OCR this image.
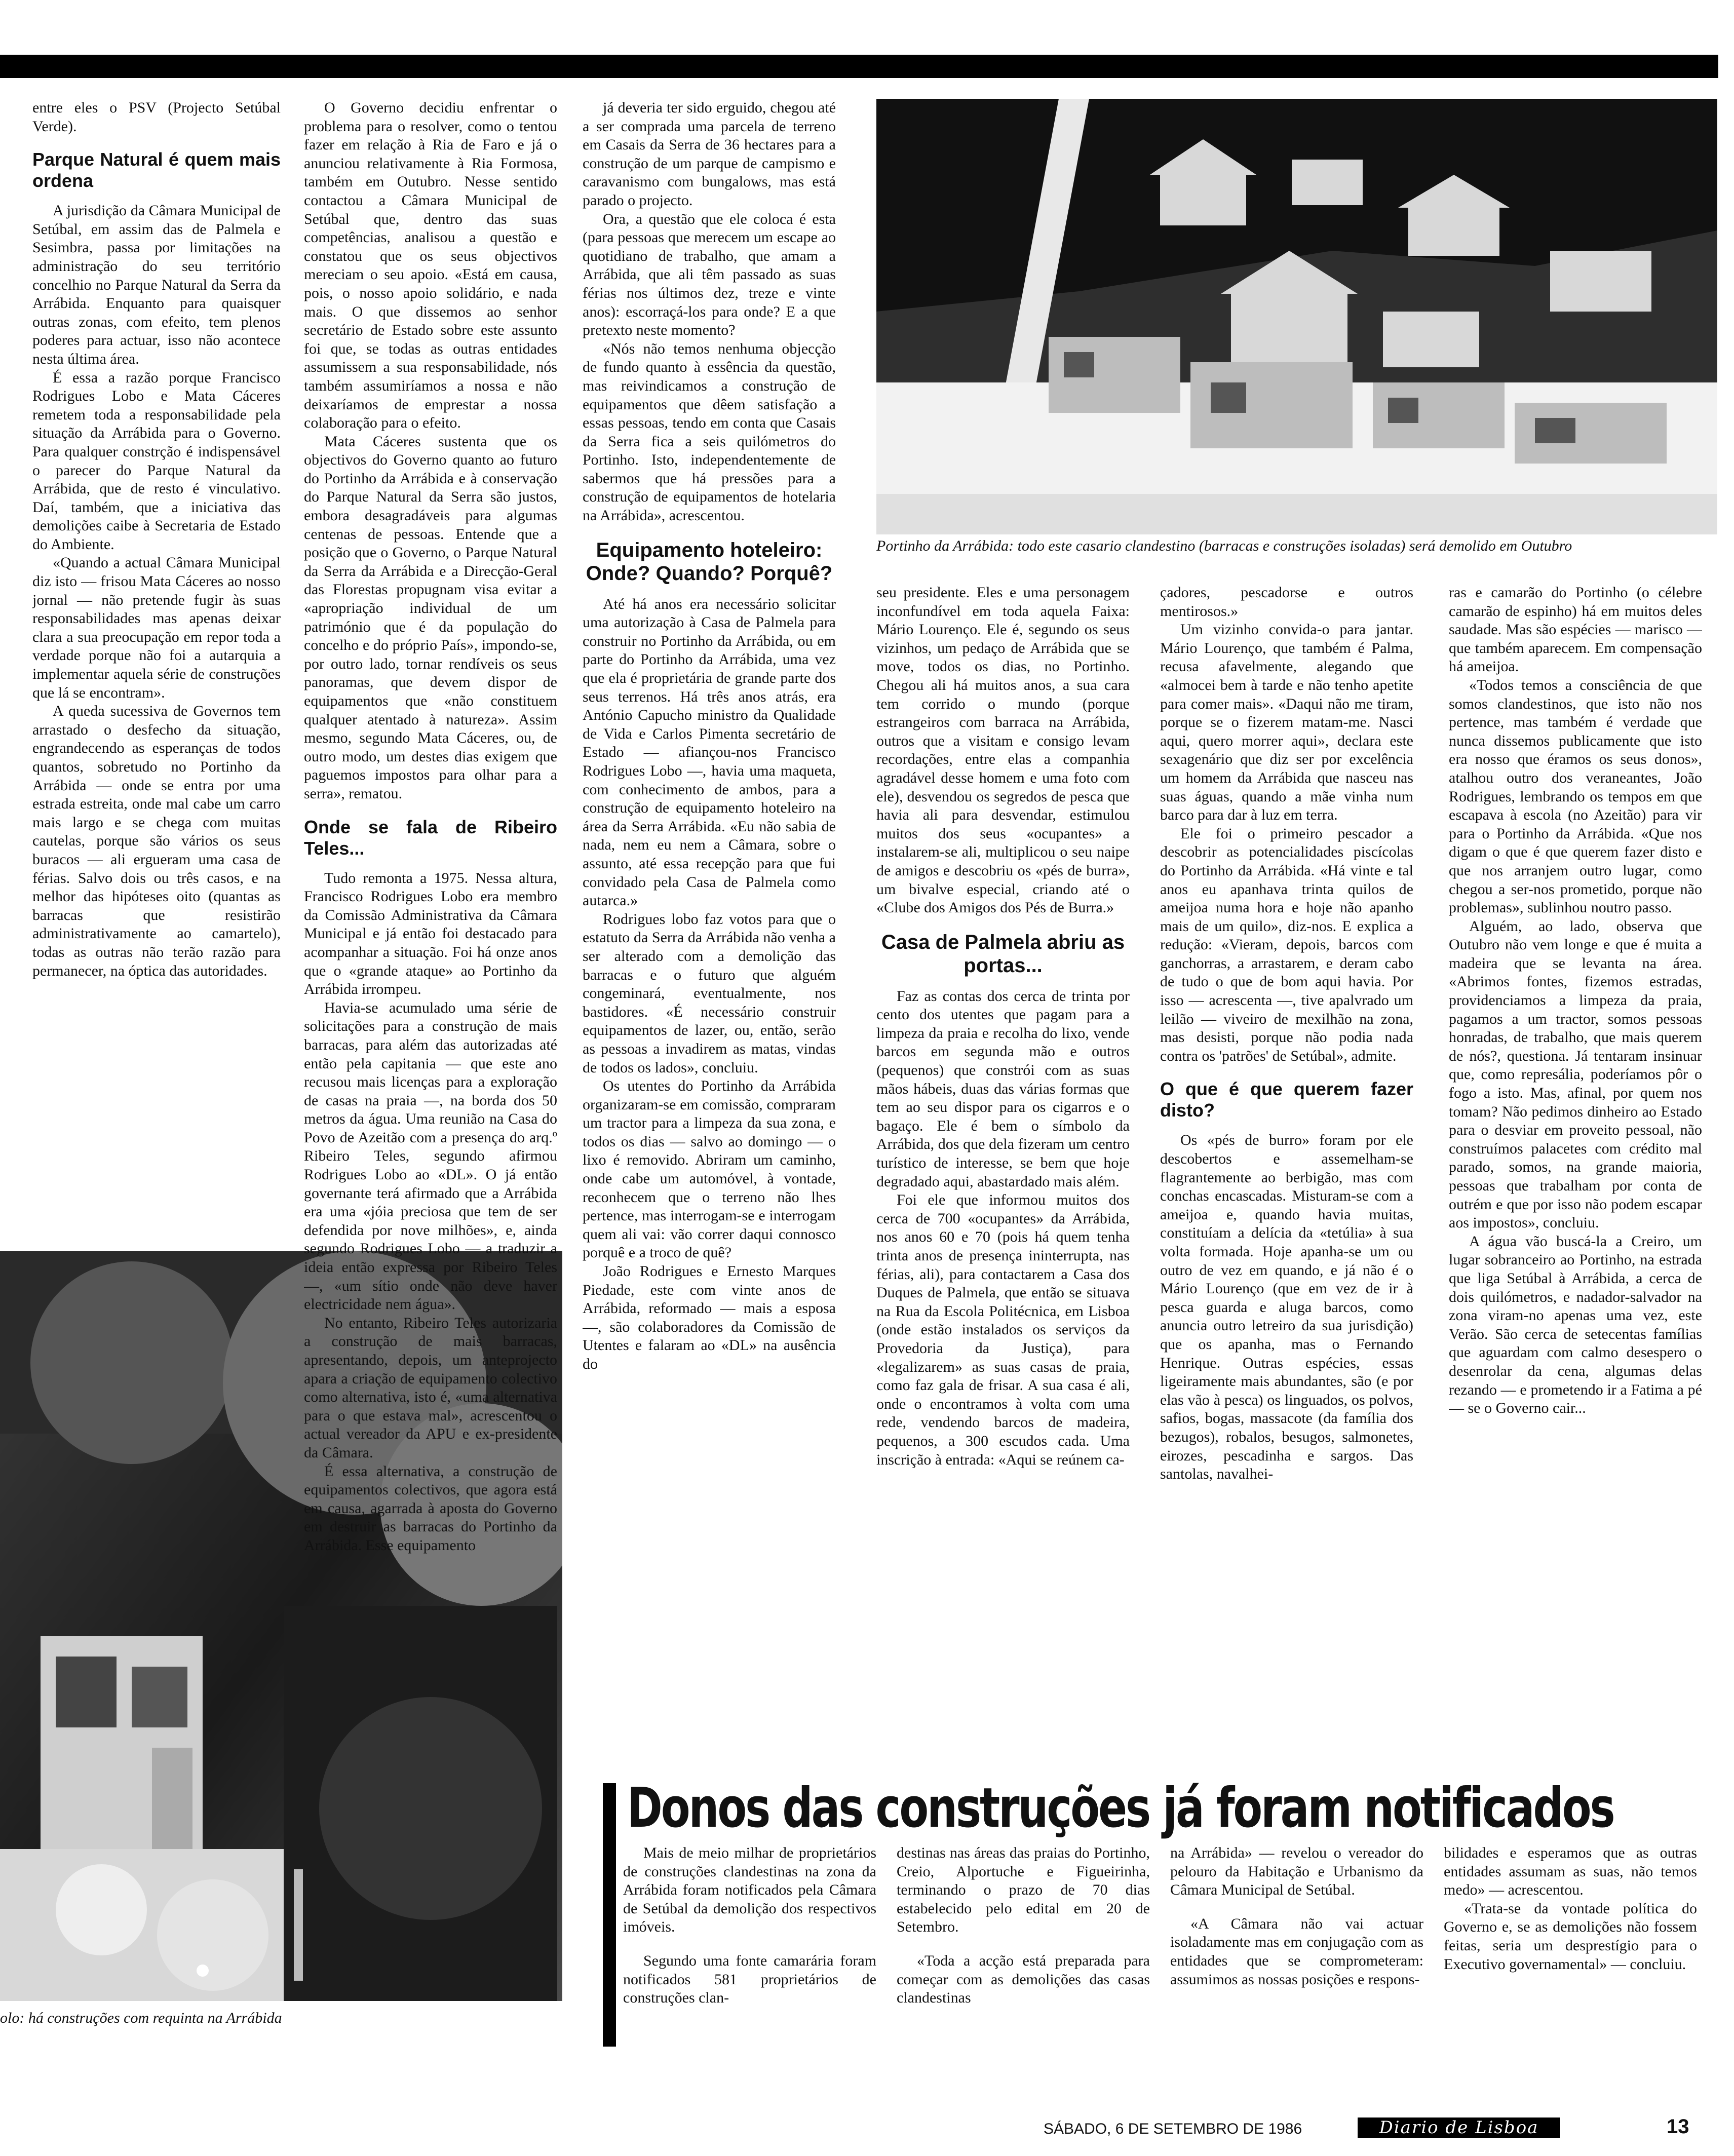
entre eles o PSV (Projecto Setúbal Verde).

Parque Natural é quem mais ordena

A jurisdição da Câmara Municipal de Setúbal, em assim das de Palmela e Sesimbra, passa por limitações na administração do seu território concelhio no Parque Natural da Serra da Arrábida. Enquanto para quaisquer outras zonas, com efeito, tem plenos poderes para actuar, isso não acontece nesta última área.

É essa a razão porque Francisco Rodrigues Lobo e Mata Cáceres remetem toda a responsabilidade pela situação da Arrábida para o Governo. Para qualquer constrção é indispensável o parecer do Parque Natural da Arrábida, que de resto é vinculativo. Daí, também, que a iniciativa das demolições caibe à Secretaria de Estado do Ambiente.

«Quando a actual Câmara Municipal diz isto — frisou Mata Cáceres ao nosso jornal — não pretende fugir às suas responsabilidades mas apenas deixar clara a sua preocupação em repor toda a verdade porque não foi a autarquia a implementar aquela série de construções que lá se encontram».

A queda sucessiva de Governos tem arrastado o desfecho da situação, engrandecendo as esperanças de todos quantos, sobretudo no Portinho da Arrábida — onde se entra por uma estrada estreita, onde mal cabe um carro mais largo e se chega com muitas cautelas, porque são vários os seus buracos — ali ergueram uma casa de férias. Salvo dois ou três casos, e na melhor das hipóteses oito (quantas as barracas que resistirão administrativamente ao camartelo), todas as outras não terão razão para permanecer, na óptica das autoridades.

olo: há construções com requinta na Arrábida

O Governo decidiu enfrentar o problema para o resolver, como o tentou fazer em relação à Ria de Faro e já o anunciou relativamente à Ria Formosa, também em Outubro. Nesse sentido contactou a Câmara Municipal de Setúbal que, dentro das suas competências, analisou a questão e constatou que os seus objectivos mereciam o seu apoio. «Está em causa, pois, o nosso apoio solidário, e nada mais. O que dissemos ao senhor secretário de Estado sobre este assunto foi que, se todas as outras entidades assumissem a sua responsabilidade, nós também assumiríamos a nossa e não deixaríamos de emprestar a nossa colaboração para o efeito.

Mata Cáceres sustenta que os objectivos do Governo quanto ao futuro do Portinho da Arrábida e à conservação do Parque Natural da Serra são justos, embora desagradáveis para algumas centenas de pessoas. Entende que a posição que o Governo, o Parque Natural da Serra da Arrábida e a Direcção-Geral das Florestas propugnam visa evitar a «apropriação individual de um património que é da população do concelho e do próprio País», impondo-se, por outro lado, tornar rendíveis os seus panoramas, que devem dispor de equipamentos que «não constituem qualquer atentado à natureza». Assim mesmo, segundo Mata Cáceres, ou, de outro modo, um destes dias exigem que paguemos impostos para olhar para a serra», rematou.

Onde se fala de Ribeiro Teles...

Tudo remonta a 1975. Nessa altura, Francisco Rodrigues Lobo era membro da Comissão Administrativa da Câmara Municipal e já então foi destacado para acompanhar a situação. Foi há onze anos que o «grande ataque» ao Portinho da Arrábida irrompeu.

Havia-se acumulado uma série de solicitações para a construção de mais barracas, para além das autorizadas até então pela capitania — que este ano recusou mais licenças para a exploração de casas na praia —, na borda dos 50 metros da água. Uma reunião na Casa do Povo de Azeitão com a presença do arq.º Ribeiro Teles, segundo afirmou Rodrigues Lobo ao «DL». O já então governante terá afirmado que a Arrábida era uma «jóia preciosa que tem de ser defendida por nove milhões», e, ainda segundo Rodrigues Lobo — a traduzir a ideia então expressa por Ribeiro Teles —, «um sítio onde não deve haver electricidade nem água».

No entanto, Ribeiro Teles autorizaria a construção de mais barracas, apresentando, depois, um anteprojecto apara a criação de equipamento colectivo como alternativa, isto é, «uma alternativa para o que estava mal», acrescentou o actual vereador da APU e ex-presidente da Câmara.

É essa alternativa, a construção de equipamentos colectivos, que agora está em causa, agarrada à aposta do Governo em destruir as barracas do Portinho da Arrábida. Esse equipamento

já deveria ter sido erguido, chegou até a ser comprada uma parcela de terreno em Casais da Serra de 36 hectares para a construção de um parque de campismo e caravanismo com bungalows, mas está parado o projecto.

Ora, a questão que ele coloca é esta (para pessoas que merecem um escape ao quotidiano de trabalho, que amam a Arrábida, que ali têm passado as suas férias nos últimos dez, treze e vinte anos): escorraçá-los para onde? E a que pretexto neste momento?

«Nós não temos nenhuma objecção de fundo quanto à essência da questão, mas reivindicamos a construção de equipamentos que dêem satisfação a essas pessoas, tendo em conta que Casais da Serra fica a seis quilómetros do Portinho. Isto, independentemente de sabermos que há pressões para a construção de equipamentos de hotelaria na Arrábida», acrescentou.

Equipamento hoteleiro: Onde? Quando? Porquê?

Até há anos era necessário solicitar uma autorização à Casa de Palmela para construir no Portinho da Arrábida, ou em parte do Portinho da Arrábida, uma vez que ela é proprietária de grande parte dos seus terrenos. Há três anos atrás, era António Capucho ministro da Qualidade de Vida e Carlos Pimenta secretário de Estado — afiançou-nos Francisco Rodrigues Lobo —, havia uma maqueta, com conhecimento de ambos, para a construção de equipamento hoteleiro na área da Serra Arrábida. «Eu não sabia de nada, nem eu nem a Câmara, sobre o assunto, até essa recepção para que fui convidado pela Casa de Palmela como autarca.»

Rodrigues lobo faz votos para que o estatuto da Serra da Arrábida não venha a ser alterado com a demolição das barracas e o futuro que alguém congeminará, eventualmente, nos bastidores. «É necessário construir equipamentos de lazer, ou, então, serão as pessoas a invadirem as matas, vindas de todos os lados», concluiu.

Os utentes do Portinho da Arrábida organizaram-se em comissão, compraram um tractor para a limpeza da sua zona, e todos os dias — salvo ao domingo — o lixo é removido. Abriram um caminho, onde cabe um automóvel, à vontade, reconhecem que o terreno não lhes pertence, mas interrogam-se e interrogam quem ali vai: vão correr daqui connosco porquê e a troco de quê?

João Rodrigues e Ernesto Marques Piedade, este com vinte anos de Arrábida, reformado — mais a esposa —, são colaboradores da Comissão de Utentes e falaram ao «DL» na ausência do

Portinho da Arrábida: todo este casario clandestino (barracas e construções isoladas) será demolido em Outubro

seu presidente. Eles e uma personagem inconfundível em toda aquela Faixa: Mário Lourenço. Ele é, segundo os seus vizinhos, um pedaço de Arrábida que se move, todos os dias, no Portinho. Chegou ali há muitos anos, a sua cara tem corrido o mundo (porque estrangeiros com barraca na Arrábida, outros que a visitam e consigo levam recordações, entre elas a companhia agradável desse homem e uma foto com ele), desvendou os segredos de pesca que havia ali para desvendar, estimulou muitos dos seus «ocupantes» a instalarem-se ali, multiplicou o seu naipe de amigos e descobriu os «pés de burra», um bivalve especial, criando até o «Clube dos Amigos dos Pés de Burra.»

Casa de Palmela abriu as portas...

Faz as contas dos cerca de trinta por cento dos utentes que pagam para a limpeza da praia e recolha do lixo, vende barcos em segunda mão e outros (pequenos) que constrói com as suas mãos hábeis, duas das várias formas que tem ao seu dispor para os cigarros e o bagaço. Ele é bem o símbolo da Arrábida, dos que dela fizeram um centro turístico de interesse, se bem que hoje degradado aqui, abastardado mais além.

Foi ele que informou muitos dos cerca de 700 «ocupantes» da Arrábida, nos anos 60 e 70 (pois há quem tenha trinta anos de presença ininterrupta, nas férias, ali), para contactarem a Casa dos Duques de Palmela, que então se situava na Rua da Escola Politécnica, em Lisboa (onde estão instalados os serviços da Provedoria da Justiça), para «legalizarem» as suas casas de praia, como faz gala de frisar. A sua casa é ali, onde o encontramos à volta com uma rede, vendendo barcos de madeira, pequenos, a 300 escudos cada. Uma inscrição à entrada: «Aqui se reúnem ca-

çadores, pescadorse e outros mentirosos.»

Um vizinho convida-o para jantar. Mário Lourenço, que também é Palma, recusa afavelmente, alegando que «almocei bem à tarde e não tenho apetite para comer mais». «Daqui não me tiram, porque se o fizerem matam-me. Nasci aqui, quero morrer aqui», declara este sexagenário que diz ser por excelência um homem da Arrábida que nasceu nas suas águas, quando a mãe vinha num barco para dar à luz em terra.

Ele foi o primeiro pescador a descobrir as potencialidades piscícolas do Portinho da Arrábida. «Há vinte e tal anos eu apanhava trinta quilos de ameijoa numa hora e hoje não apanho mais de um quilo», diz-nos. E explica a redução: «Vieram, depois, barcos com ganchorras, a arrastarem, e deram cabo de tudo o que de bom aqui havia. Por isso — acrescenta —, tive apalvrado um leilão — viveiro de mexilhão na zona, mas desisti, porque não podia nada contra os 'patrões' de Setúbal», admite.

O que é que querem fazer disto?

Os «pés de burro» foram por ele descobertos e assemelham-se flagrantemente ao berbigão, mas com conchas encascadas. Misturam-se com a ameijoa e, quando havia muitas, constituíam a delícia da «tetúlia» à sua volta formada. Hoje apanha-se um ou outro de vez em quando, e já não é o Mário Lourenço (que em vez de ir à pesca guarda e aluga barcos, como anuncia outro letreiro da sua jurisdição) que os apanha, mas o Fernando Henrique. Outras espécies, essas ligeiramente mais abundantes, são (e por elas vão à pesca) os linguados, os polvos, safios, bogas, massacote (da família dos bezugos), robalos, besugos, salmonetes, eirozes, pescadinha e sargos. Das santolas, navalhei-

ras e camarão do Portinho (o célebre camarão de espinho) há em muitos deles saudade. Mas são espécies — marisco — que também aparecem. Em compensação há ameijoa.

«Todos temos a consciência de que somos clandestinos, que isto não nos pertence, mas também é verdade que nunca dissemos publicamente que isto era nosso que éramos os seus donos», atalhou outro dos veraneantes, João Rodrigues, lembrando os tempos em que escapava à escola (no Azeitão) para vir para o Portinho da Arrábida. «Que nos digam o que é que querem fazer disto e que nos arranjem outro lugar, como chegou a ser-nos prometido, porque não problemas», sublinhou noutro passo.

Alguém, ao lado, observa que Outubro não vem longe e que é muita a madeira que se levanta na área. «Abrimos fontes, fizemos estradas, providenciamos a limpeza da praia, pagamos a um tractor, somos pessoas honradas, de trabalho, que mais querem de nós?, questiona. Já tentaram insinuar que, como represália, poderíamos pôr o fogo a isto. Mas, afinal, por quem nos tomam? Não pedimos dinheiro ao Estado para o desviar em proveito pessoal, não construímos palacetes com crédito mal parado, somos, na grande maioria, pessoas que trabalham por conta de outrém e que por isso não podem escapar aos impostos», concluiu.

A água vão buscá-la a Creiro, um lugar sobranceiro ao Portinho, na estrada que liga Setúbal à Arrábida, a cerca de dois quilómetros, e nadador-salvador na zona viram-no apenas uma vez, este Verão. São cerca de setecentas famílias que aguardam com calmo desespero o desenrolar da cena, algumas delas rezando — e prometendo ir a Fatima a pé — se o Governo cair...

Donos das construções já foram notificados

Mais de meio milhar de proprietários de construções clandestinas na zona da Arrábida foram notificados pela Câmara de Setúbal da demolição dos respectivos imóveis.

Segundo uma fonte camarária foram notificados 581 proprietários de construções clan-

destinas nas áreas das praias do Portinho, Creio, Alportuche e Figueirinha, terminando o prazo de 70 dias estabelecido pelo edital em 20 de Setembro.

«Toda a acção está preparada para começar com as demolições das casas clandestinas

na Arrábida» — revelou o vereador do pelouro da Habitação e Urbanismo da Câmara Municipal de Setúbal.

«A Câmara não vai actuar isoladamente mas em conjugação com as entidades que se comprometeram: assumimos as nossas posições e respons-

bilidades e esperamos que as outras entidades assumam as suas, não temos medo» — acrescentou.

«Trata-se da vontade política do Governo e, se as demolições não fossem feitas, seria um desprestígio para o Executivo governamental» — concluiu.

SÁBADO, 6 DE SETEMBRO DE 1986	Diario de Lisboa	13
